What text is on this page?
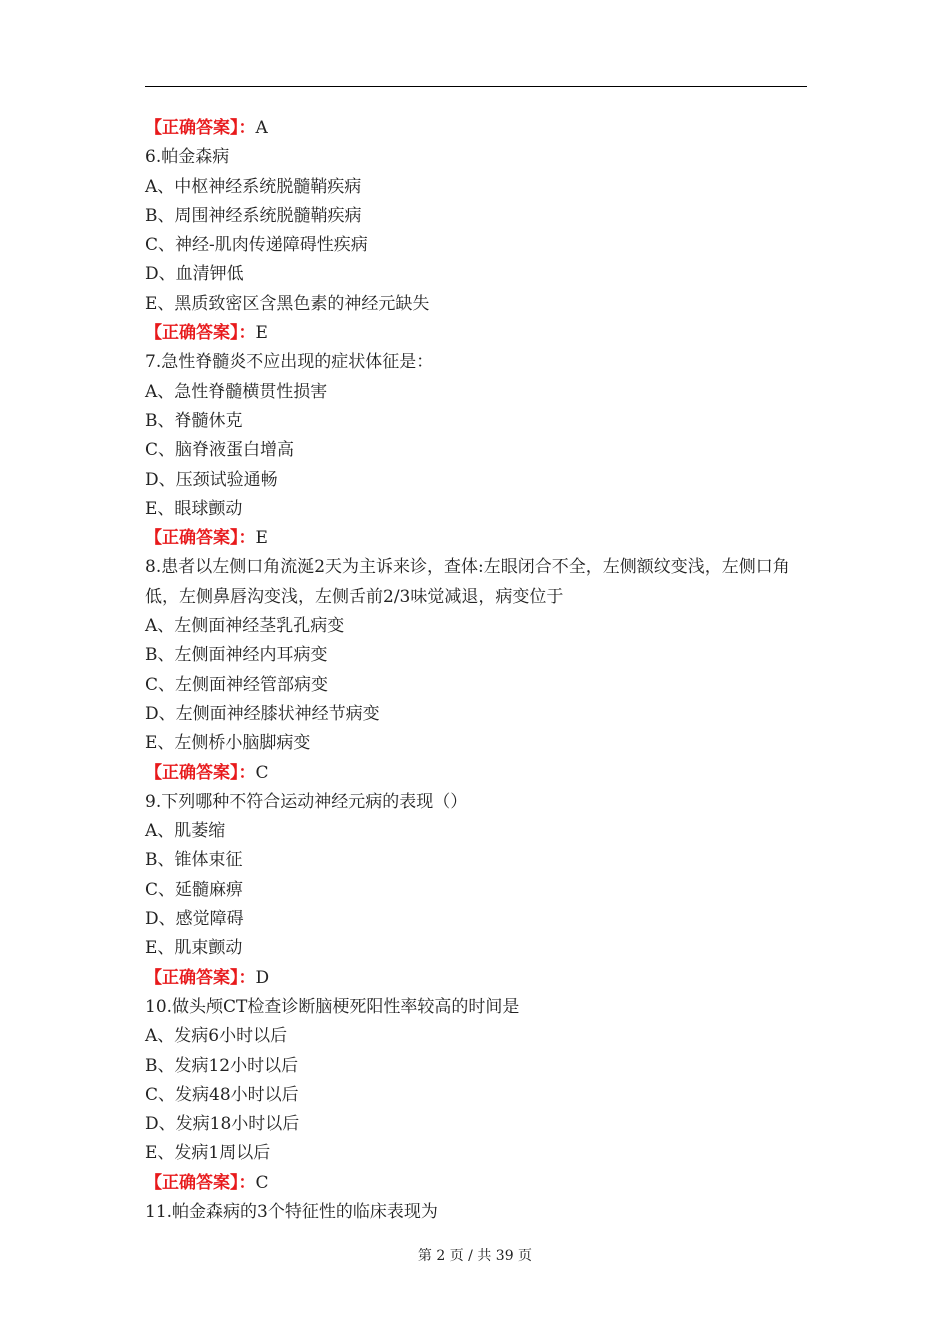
【正确答案】：A
6.帕金森病
A、中枢神经系统脱髓鞘疾病
B、周围神经系统脱髓鞘疾病
C、神经-肌肉传递障碍性疾病
D、血清钾低
E、黑质致密区含黑色素的神经元缺失
【正确答案】：E
7.急性脊髓炎不应出现的症状体征是：
A、急性脊髓横贯性损害
B、脊髓休克
C、脑脊液蛋白增高
D、压颈试验通畅
E、眼球颤动
【正确答案】：E
8.患者以左侧口角流涎2天为主诉来诊，查体:左眼闭合不全，左侧额纹变浅，左侧口角低，左侧鼻唇沟变浅，左侧舌前2/3味觉减退，病变位于
A、左侧面神经茎乳孔病变
B、左侧面神经内耳病变
C、左侧面神经管部病变
D、左侧面神经膝状神经节病变
E、左侧桥小脑脚病变
【正确答案】：C
9.下列哪种不符合运动神经元病的表现（）
A、肌萎缩
B、锥体束征
C、延髓麻痹
D、感觉障碍
E、肌束颤动
【正确答案】：D
10.做头颅CT检查诊断脑梗死阳性率较高的时间是
A、发病6小时以后
B、发病12小时以后
C、发病48小时以后
D、发病18小时以后
E、发病1周以后
【正确答案】：C
11.帕金森病的3个特征性的临床表现为
第 2 页 / 共 39 页
